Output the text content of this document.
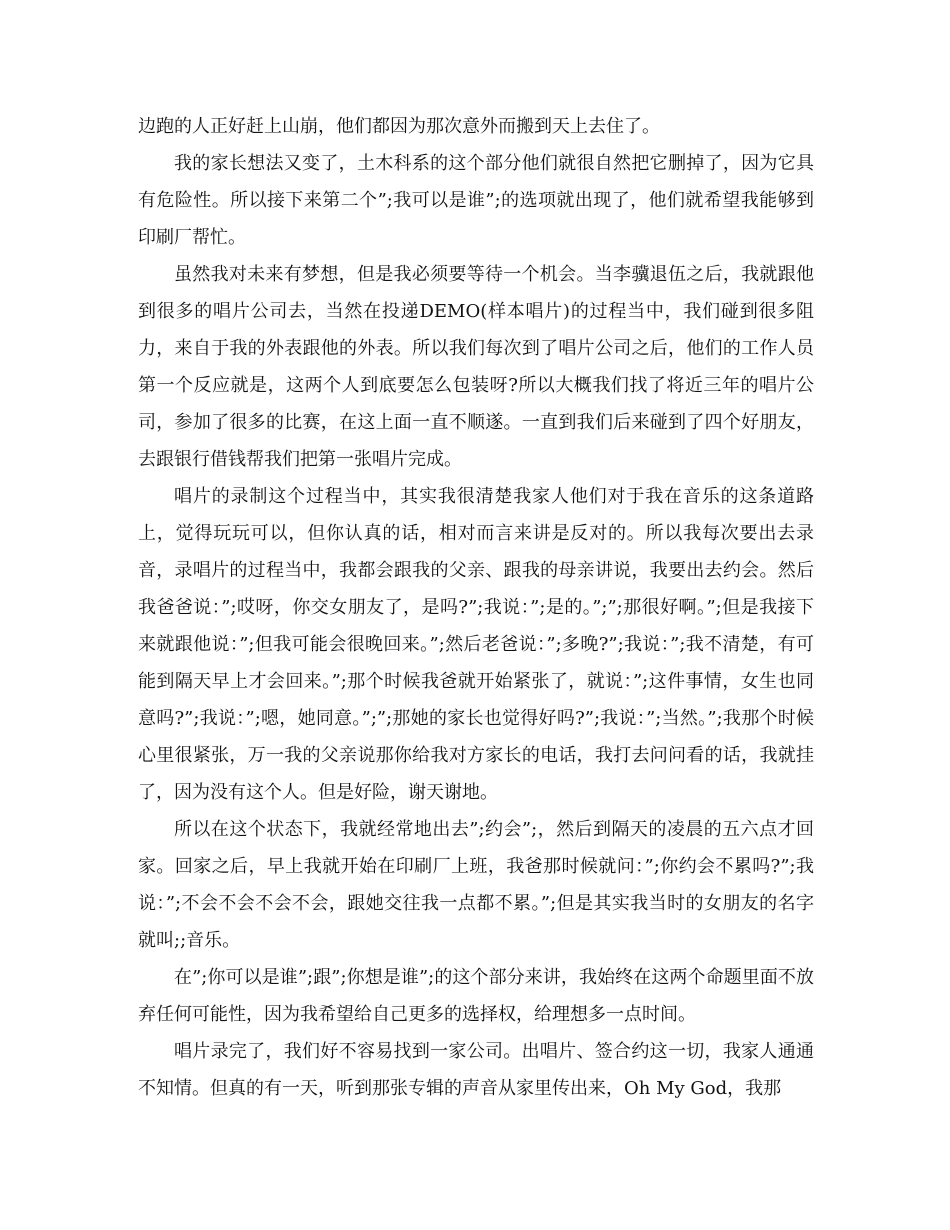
边跑的人正好赶上山崩，他们都因为那次意外而搬到天上去住了。

我的家长想法又变了，土木科系的这个部分他们就很自然把它删掉了，因为它具有危险性。所以接下来第二个”;我可以是谁”;的选项就出现了，他们就希望我能够到印刷厂帮忙。

虽然我对未来有梦想，但是我必须要等待一个机会。当李骥退伍之后，我就跟他到很多的唱片公司去，当然在投递DEMO(样本唱片)的过程当中，我们碰到很多阻力，来自于我的外表跟他的外表。所以我们每次到了唱片公司之后，他们的工作人员第一个反应就是，这两个人到底要怎么包装呀?所以大概我们找了将近三年的唱片公司，参加了很多的比赛，在这上面一直不顺遂。一直到我们后来碰到了四个好朋友，去跟银行借钱帮我们把第一张唱片完成。

唱片的录制这个过程当中，其实我很清楚我家人他们对于我在音乐的这条道路上，觉得玩玩可以，但你认真的话，相对而言来讲是反对的。所以我每次要出去录音，录唱片的过程当中，我都会跟我的父亲、跟我的母亲讲说，我要出去约会。然后我爸爸说：”;哎呀，你交女朋友了，是吗?”;我说：”;是的。”;”;那很好啊。”;但是我接下来就跟他说：”;但我可能会很晚回来。”;然后老爸说：”;多晚?”;我说：”;我不清楚，有可能到隔天早上才会回来。”;那个时候我爸就开始紧张了，就说：”;这件事情，女生也同意吗?”;我说：”;嗯，她同意。”;”;那她的家长也觉得好吗?”;我说：”;当然。”;我那个时候心里很紧张，万一我的父亲说那你给我对方家长的电话，我打去问问看的话，我就挂了，因为没有这个人。但是好险，谢天谢地。

所以在这个状态下，我就经常地出去”;约会”;，然后到隔天的凌晨的五六点才回家。回家之后，早上我就开始在印刷厂上班，我爸那时候就问：”;你约会不累吗?”;我说：”;不会不会不会不会，跟她交往我一点都不累。”;但是其实我当时的女朋友的名字就叫;;音乐。

在”;你可以是谁”;跟”;你想是谁”;的这个部分来讲，我始终在这两个命题里面不放弃任何可能性，因为我希望给自己更多的选择权，给理想多一点时间。

唱片录完了，我们好不容易找到一家公司。出唱片、签合约这一切，我家人通通不知情。但真的有一天，听到那张专辑的声音从家里传出来，Oh My God，我那
